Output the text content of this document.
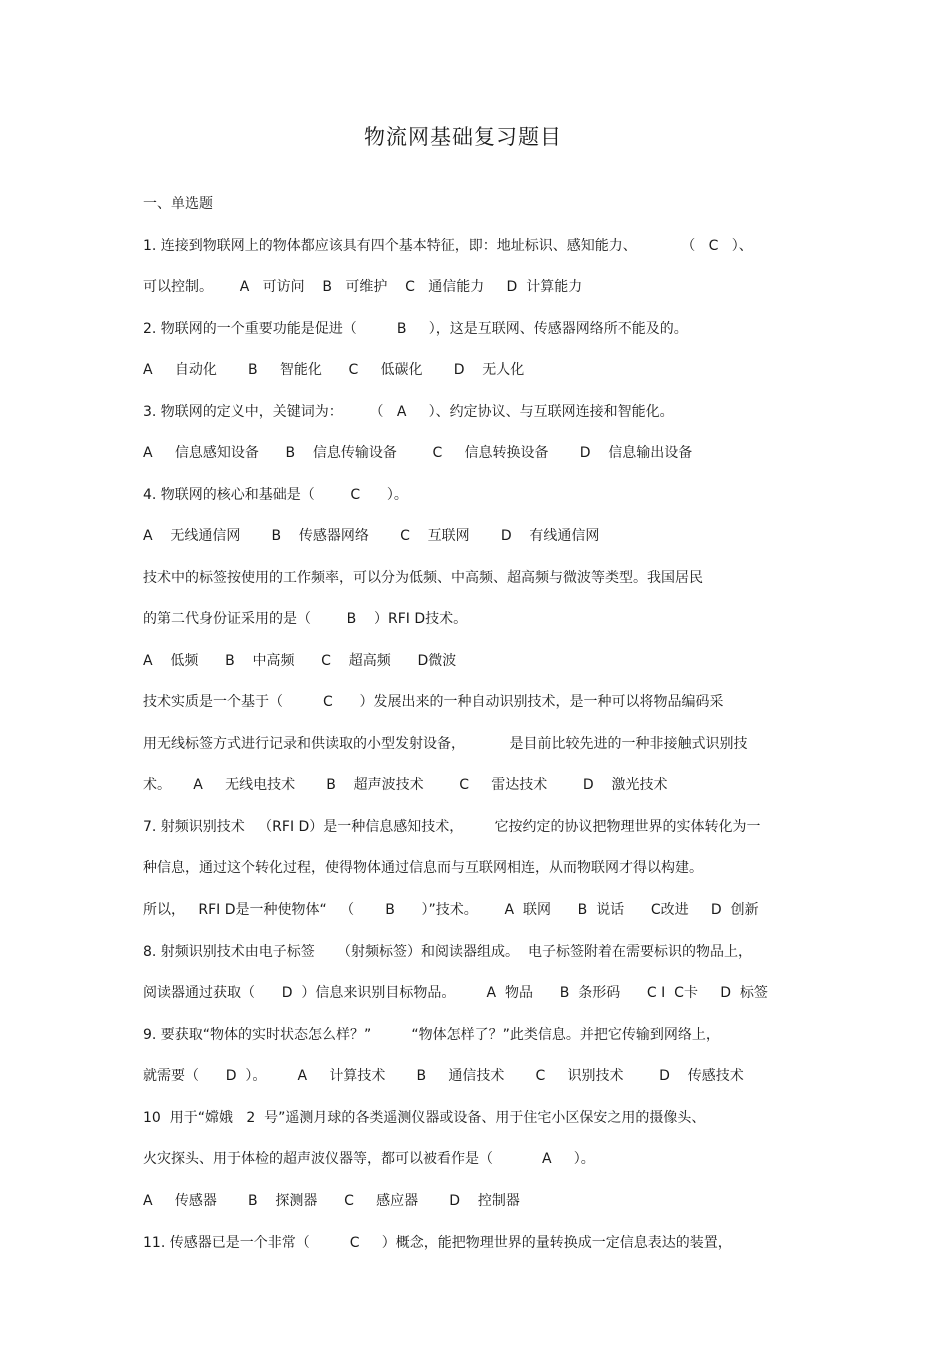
物流网基础复习题目
一、单选题
1. 连接到物联网上的物体都应该具有四个基本特征，即：地址标识、感知能力、          （   C   ）、
可以控制。      A   可访问    B   可维护    C   通信能力     D  计算能力
2. 物联网的一个重要功能是促进（         B     ），这是互联网、传感器网络所不能及的。
A     自动化       B     智能化      C     低碳化       D    无人化
3. 物联网的定义中，关键词为：      （   A     ）、约定协议、与互联网连接和智能化。
A     信息感知设备      B    信息传输设备        C     信息转换设备       D    信息输出设备
4. 物联网的核心和基础是（        C      ）。
A    无线通信网       B    传感器网络       C    互联网       D    有线通信网
技术中的标签按使用的工作频率，可以分为低频、中高频、超高频与微波等类型。我国居民
的第二代身份证采用的是（        B    ）RFI D技术。
A    低频      B    中高频      C    超高频      D微波
技术实质是一个基于（         C      ）发展出来的一种自动识别技术，是一种可以将物品编码采
用无线标签方式进行记录和供读取的小型发射设备，          是目前比较先进的一种非接触式识别技
术。     A     无线电技术       B    超声波技术        C     雷达技术        D    激光技术
7. 射频识别技术   （RFI D）是一种信息感知技术，       它按约定的协议把物理世界的实体转化为一
种信息，通过这个转化过程，使得物体通过信息而与互联网相连，从而物联网才得以构建。
所以，   RFI D是一种使物体“   （       B      ）”技术。      A  联网      B  说话      C改进     D  创新
8. 射频识别技术由电子标签     （射频标签）和阅读器组成。  电子标签附着在需要标识的物品上，
阅读器通过获取（      D  ）信息来识别目标物品。       A  物品      B  条形码      C I  C卡     D  标签
9. 要获取“物体的实时状态怎么样？”         “物体怎样了？”此类信息。并把它传输到网络上，
就需要（      D  ）。       A     计算技术       B     通信技术       C     识别技术        D    传感技术
10  用于“嫦娥   2  号”遥测月球的各类遥测仪器或设备、用于住宅小区保安之用的摄像头、
火灾探头、用于体检的超声波仪器等，都可以被看作是（           A     ）。
A     传感器       B    探测器      C     感应器       D    控制器
11. 传感器已是一个非常（         C     ）概念，能把物理世界的量转换成一定信息表达的装置，
